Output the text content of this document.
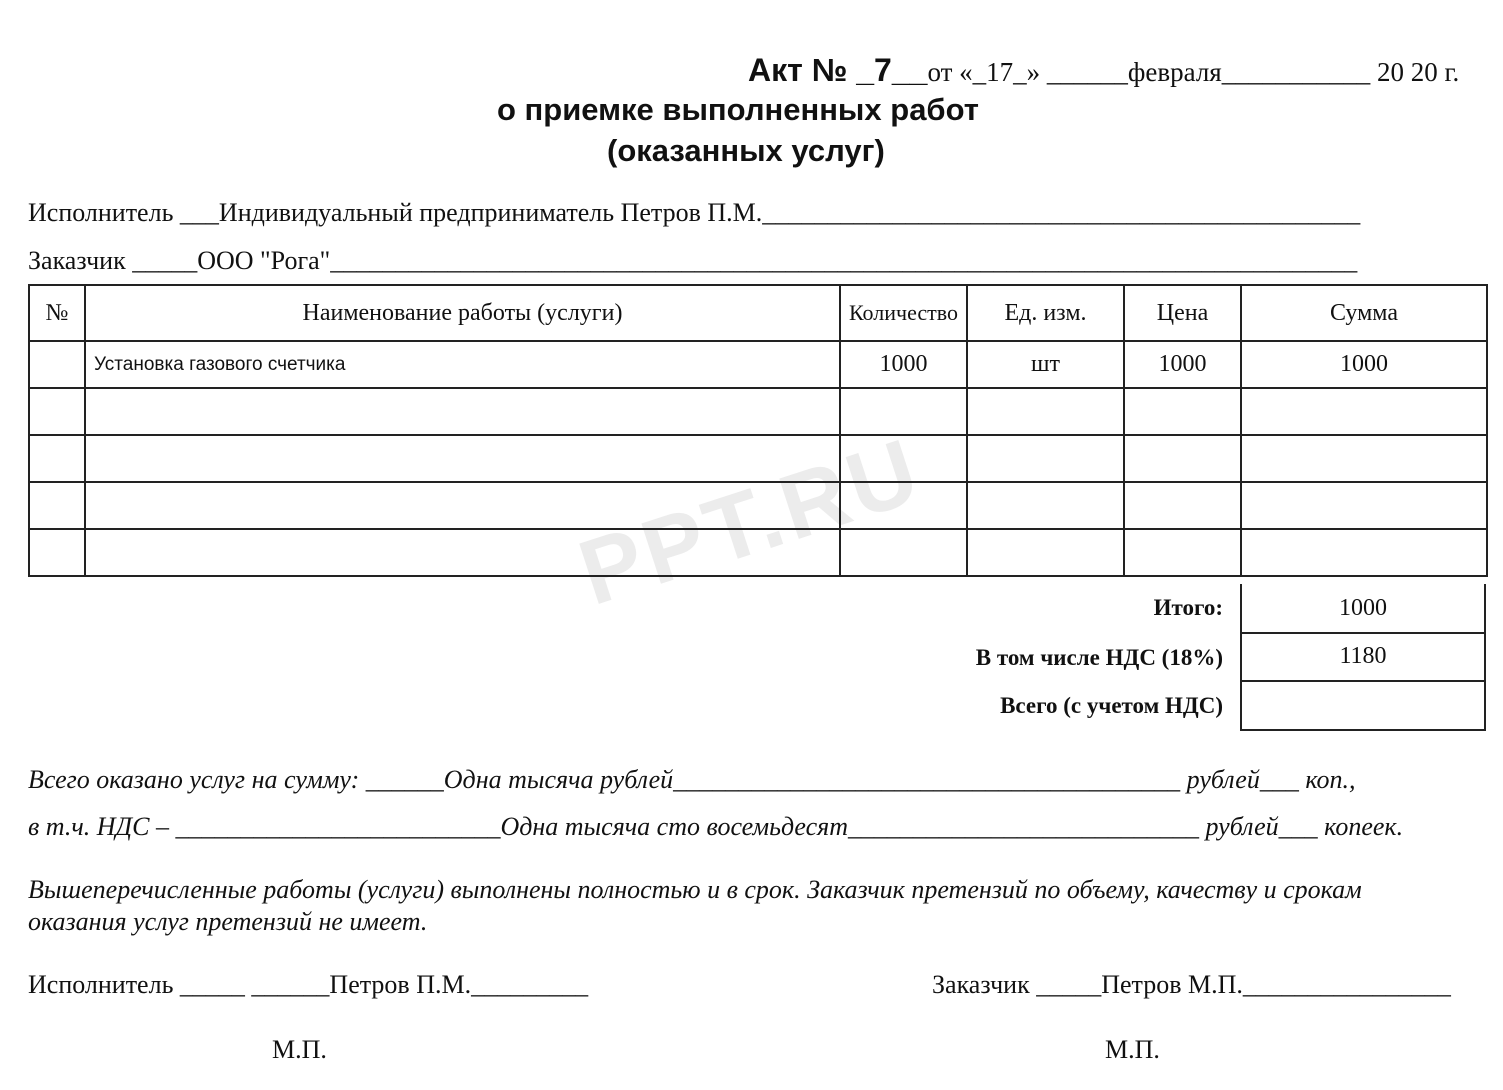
PPT.RU
Акт № _7__от «_17_» ______февраля___________ 20 20 г.
о приемке выполненных работ
(оказанных услуг)
Исполнитель ___Индивидуальный предприниматель Петров П.М.______________________________________________
Заказчик _____ООО "Рога"_______________________________________________________________________________
№	Наименование работы (услуги)	Количество	Ед. изм.	Цена	Сумма
	Установка газового счетчика	1000	шт	1000	1000

Итого:	1000
В том числе НДС (18%)	1180
Всего (с учетом НДС)
Всего оказано услуг на сумму: ______Одна тысяча рублей_______________________________________ рублей___ коп.,
в т.ч. НДС – _________________________Одна тысяча сто восемьдесят___________________________ рублей___ копеек.
Вышеперечисленные работы (услуги) выполнены полностью и в срок. Заказчик претензий по объему, качеству и срокам
оказания услуг претензий не имеет.
Исполнитель _____ ______Петров П.М._________	Заказчик _____Петров М.П.________________
М.П.	М.П.
